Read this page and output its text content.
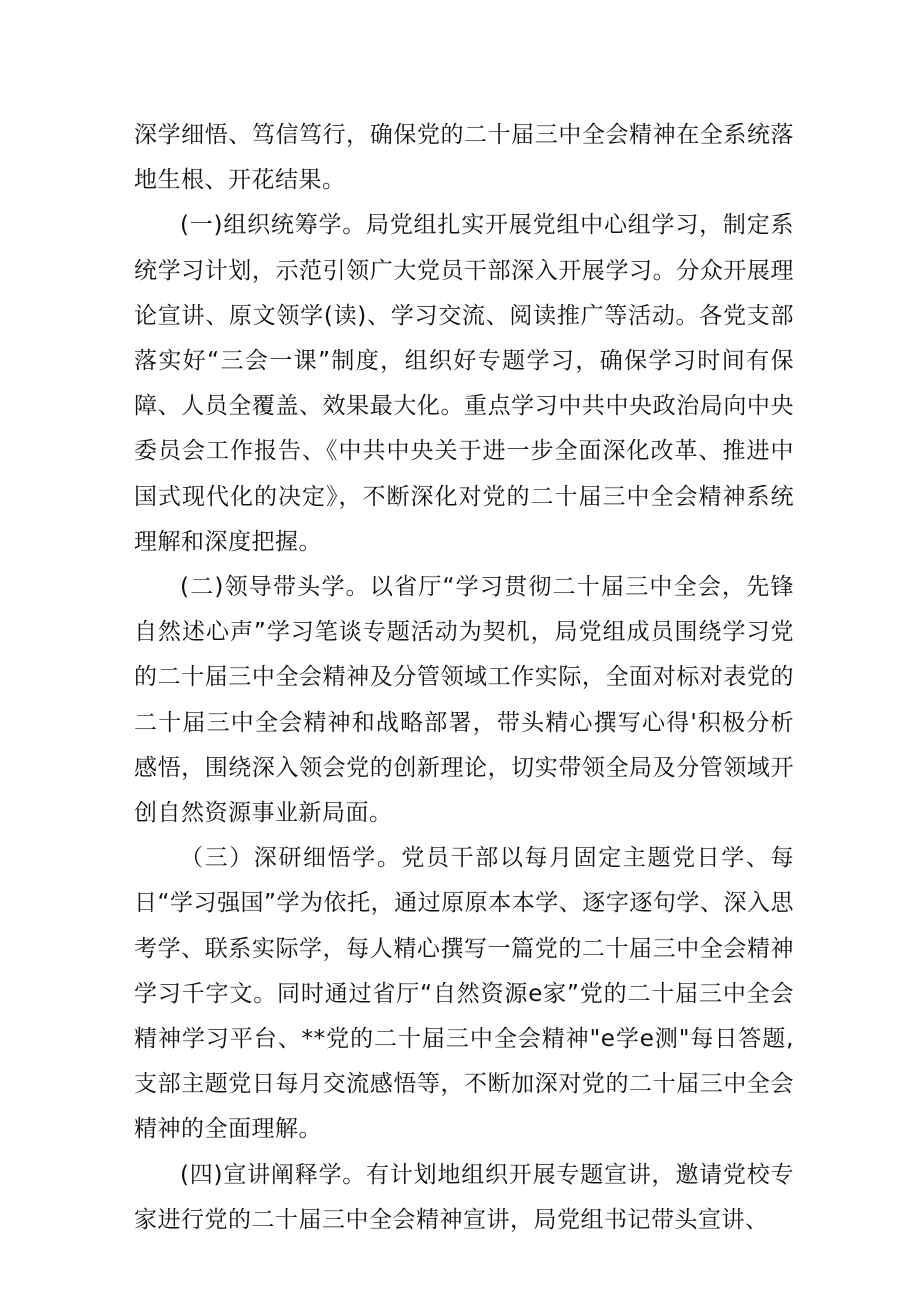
深学细悟、笃信笃行，确保党的二十届三中全会精神在全系统落地生根、开花结果。

(一)组织统筹学。局党组扎实开展党组中心组学习，制定系统学习计划，示范引领广大党员干部深入开展学习。分众开展理论宣讲、原文领学(读)、学习交流、阅读推广等活动。各党支部落实好“三会一课”制度，组织好专题学习，确保学习时间有保障、人员全覆盖、效果最大化。重点学习中共中央政治局向中央委员会工作报告、《中共中央关于进一步全面深化改革、推进中国式现代化的决定》，不断深化对党的二十届三中全会精神系统理解和深度把握。

(二)领导带头学。以省厅“学习贯彻二十届三中全会，先锋自然述心声”学习笔谈专题活动为契机，局党组成员围绕学习党的二十届三中全会精神及分管领域工作实际，全面对标对表党的二十届三中全会精神和战略部署，带头精心撰写心得'积极分析感悟，围绕深入领会党的创新理论，切实带领全局及分管领域开创自然资源事业新局面。

（三）深研细悟学。党员干部以每月固定主题党日学、每日“学习强国”学为依托，通过原原本本学、逐字逐句学、深入思考学、联系实际学，每人精心撰写一篇党的二十届三中全会精神学习千字文。同时通过省厅“自然资源e家”党的二十届三中全会精神学习平台、**党的二十届三中全会精神"e学e测"每日答题,支部主题党日每月交流感悟等，不断加深对党的二十届三中全会精神的全面理解。

(四)宣讲阐释学。有计划地组织开展专题宣讲，邀请党校专家进行党的二十届三中全会精神宣讲，局党组书记带头宣讲、
